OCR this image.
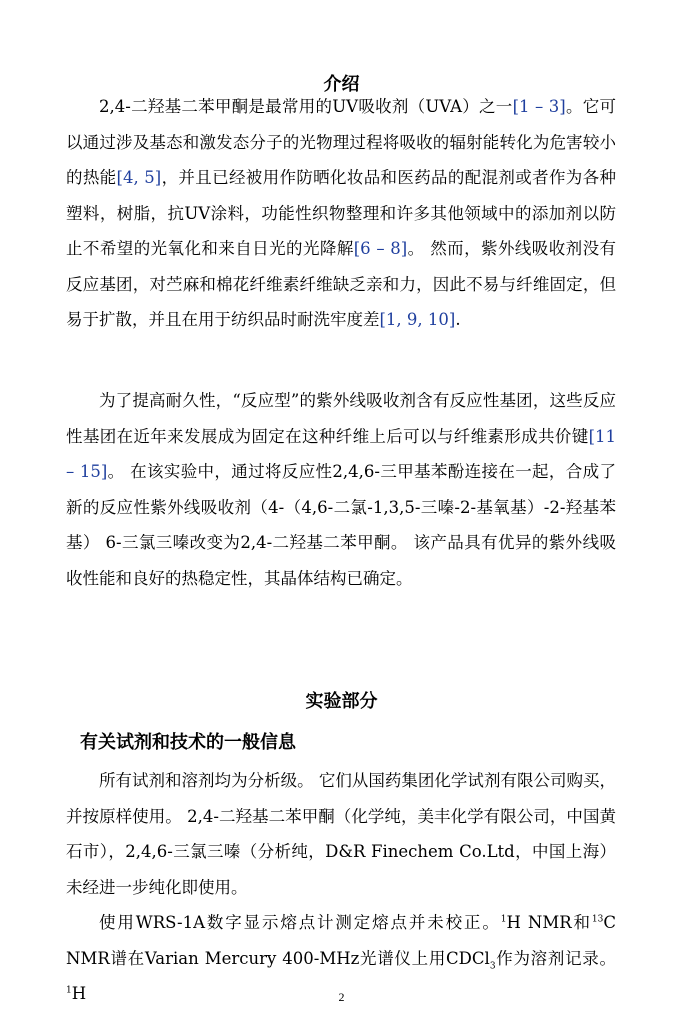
介绍

2,4-二羟基二苯甲酮是最常用的UV吸收剂（UVA）之一[1 – 3]。它可以通过涉及基态和激发态分子的光物理过程将吸收的辐射能转化为危害较小的热能[4, 5]，并且已经被用作防晒化妆品和医药品的配混剂或者作为各种塑料，树脂，抗UV涂料，功能性织物整理和许多其他领域中的添加剂以防止不希望的光氧化和来自日光的光降解[6 – 8]。 然而，紫外线吸收剂没有反应基团，对苎麻和棉花纤维素纤维缺乏亲和力，因此不易与纤维固定，但易于扩散，并且在用于纺织品时耐洗牢度差[1, 9, 10].

为了提高耐久性，“反应型”的紫外线吸收剂含有反应性基团，这些反应性基团在近年来发展成为固定在这种纤维上后可以与纤维素形成共价键[11 – 15]。 在该实验中，通过将反应性2,4,6-三甲基苯酚连接在一起，合成了新的反应性紫外线吸收剂（4-（4,6-二氯-1,3,5-三嗪-2-基氧基）-2-羟基苯基） 6-三氯三嗪改变为2,4-二羟基二苯甲酮。 该产品具有优异的紫外线吸收性能和良好的热稳定性，其晶体结构已确定。

实验部分
有关试剂和技术的一般信息

所有试剂和溶剂均为分析级。 它们从国药集团化学试剂有限公司购买，并按原样使用。 2,4-二羟基二苯甲酮（化学纯，美丰化学有限公司，中国黄石市），2,4,6-三氯三嗪（分析纯，D&R Finechem Co.Ltd，中国上海）未经进一步纯化即使用。

使用WRS-1A数字显示熔点计测定熔点并未校正。$^1$H NMR和$^{13}$C NMR谱在Varian Mercury 400-MHz光谱仪上用CDCl$_3$作为溶剂记录。 $^1$H	2
